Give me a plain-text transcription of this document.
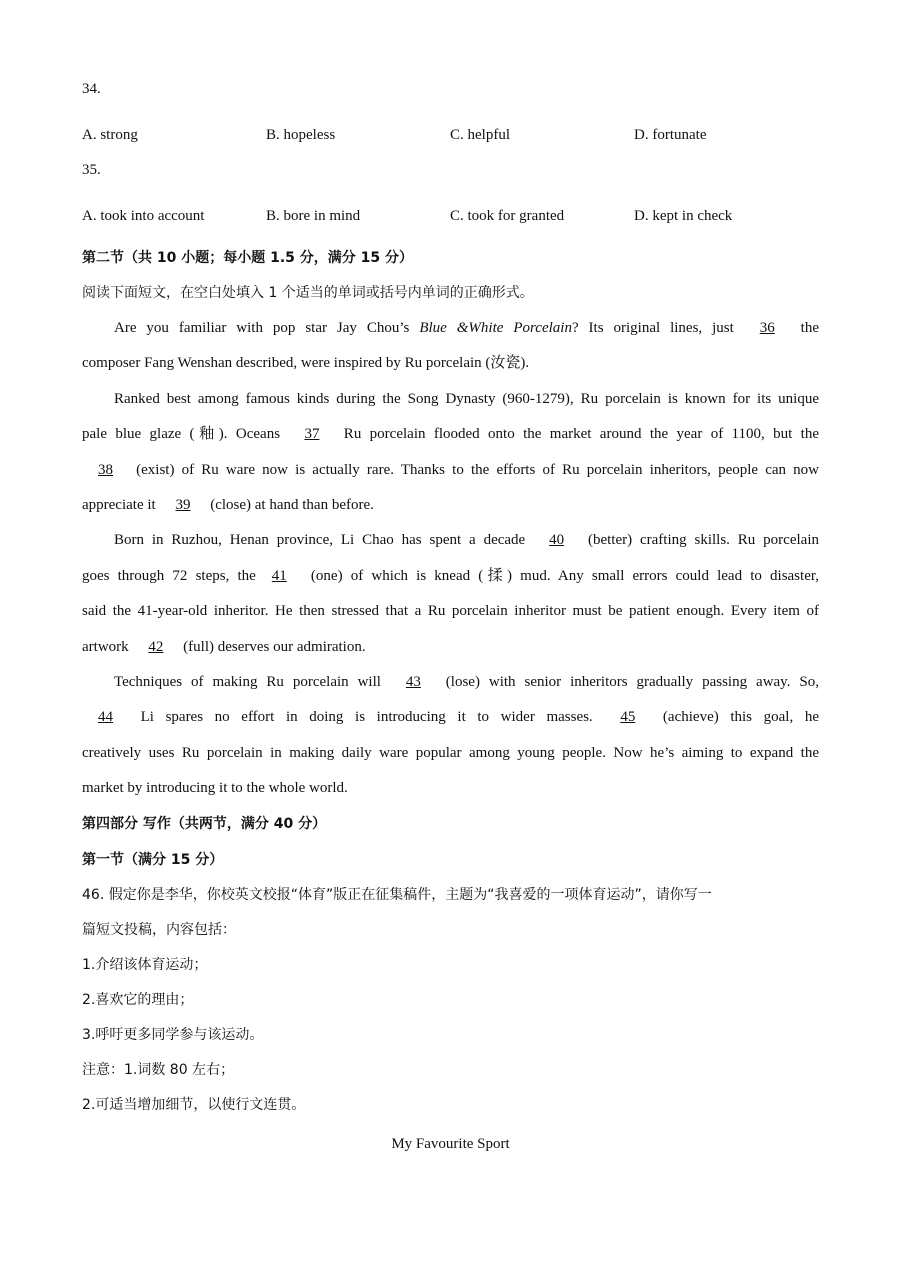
34.
A. strong	B. hopeless	C. helpful	D. fortunate
35.
A. took into account	B. bore in mind	C. took for granted	D. kept in check
第二节（共 10 小题；每小题 1.5 分，满分 15 分）
阅读下面短文，在空白处填入 1 个适当的单词或括号内单词的正确形式。
Are you familiar with pop star Jay Chou’s Blue &White Porcelain? Its original lines, just 36 the
composer Fang Wenshan described, were inspired by Ru porcelain (汝瓷).
Ranked best among famous kinds during the Song Dynasty (960-1279), Ru porcelain is known for its unique
pale blue glaze (釉). Oceans 37 Ru porcelain flooded onto the market around the year of 1100, but the
38 (exist) of Ru ware now is actually rare. Thanks to the efforts of Ru porcelain inheritors, people can now
appreciate it 39 (close) at hand than before.
Born in Ruzhou, Henan province, Li Chao has spent a decade 40 (better) crafting skills. Ru porcelain
goes through 72 steps, the 41 (one) of which is knead (揉) mud. Any small errors could lead to disaster,
said the 41-year-old inheritor. He then stressed that a Ru porcelain inheritor must be patient enough. Every item of
artwork 42 (full) deserves our admiration.
Techniques of making Ru porcelain will 43 (lose) with senior inheritors gradually passing away. So,
44 Li spares no effort in doing is introducing it to wider masses. 45 (achieve) this goal, he
creatively uses Ru porcelain in making daily ware popular among young people. Now he’s aiming to expand the
market by introducing it to the whole world.
第四部分 写作（共两节，满分 40 分）
第一节（满分 15 分）
46. 假定你是李华，你校英文校报“体育”版正在征集稿件，主题为“我喜爱的一项体育运动”，请你写一
篇短文投稿，内容包括：
1.介绍该体育运动；
2.喜欢它的理由；
3.呼吁更多同学参与该运动。
注意：1.词数 80 左右；
2.可适当增加细节，以使行文连贯。
My Favourite Sport
